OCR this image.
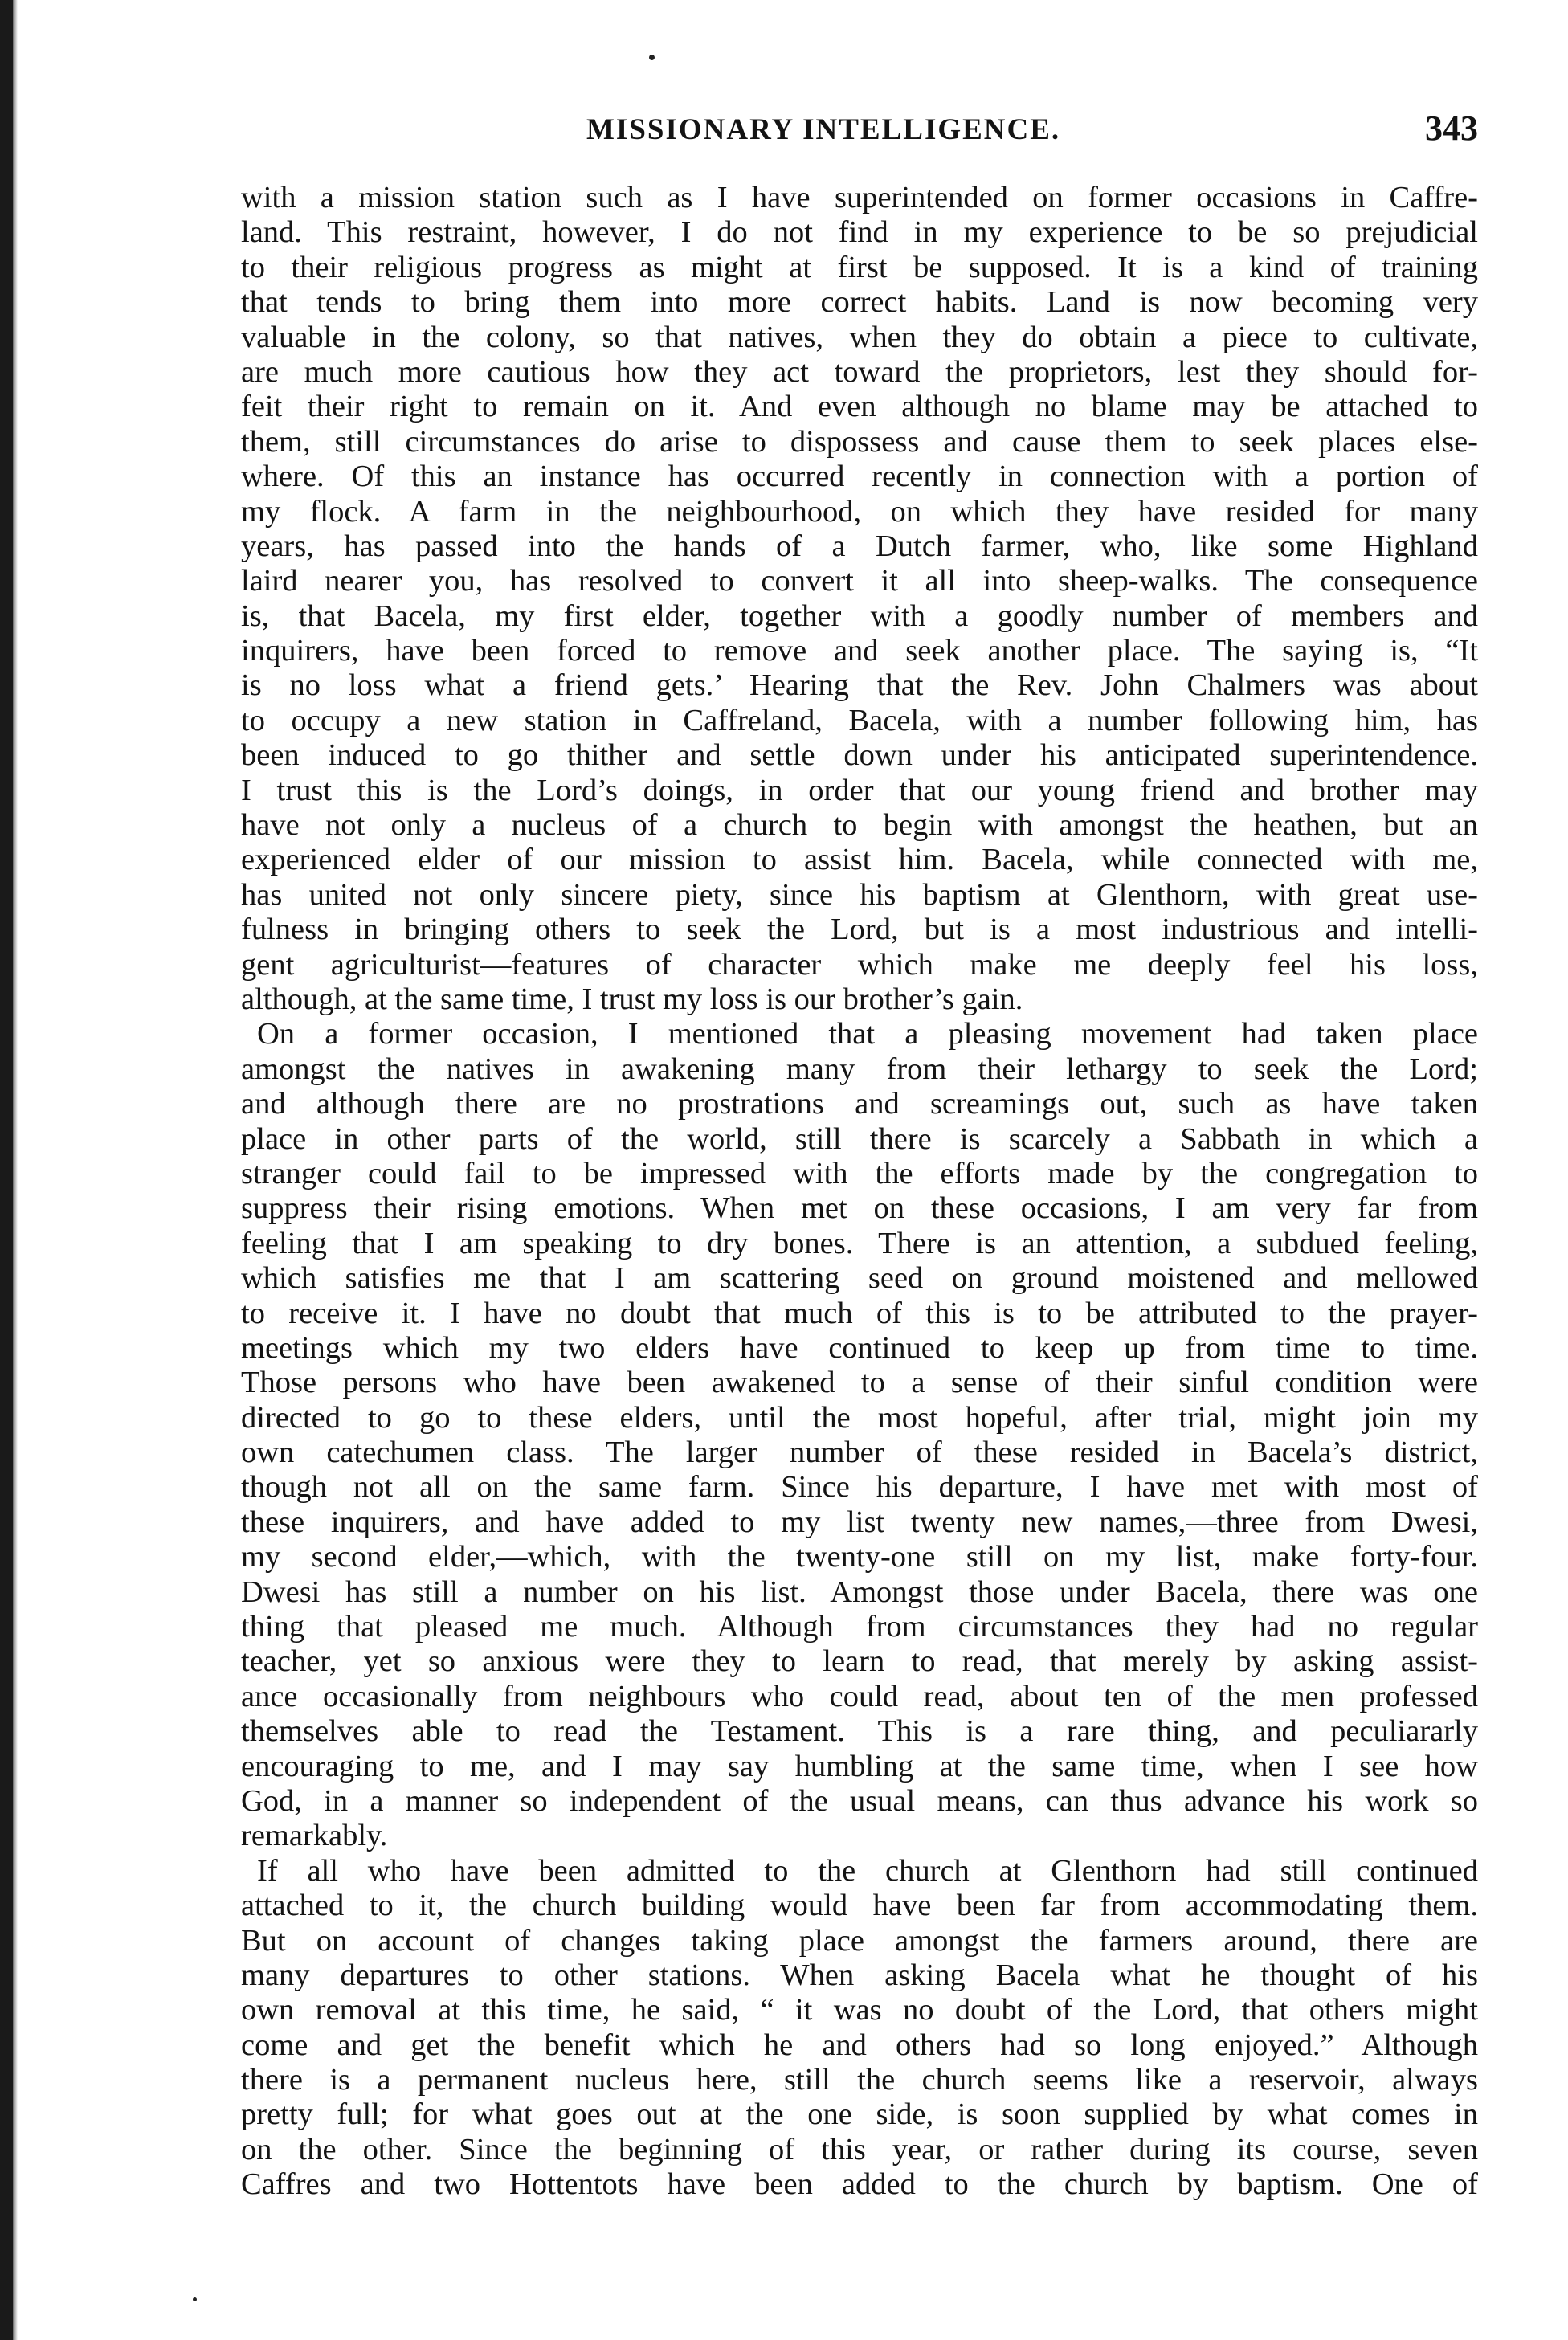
MISSIONARY INTELLIGENCE.	343
with a mission station such as I have superintended on former occasions in Caffre-
land. This restraint, however, I do not find in my experience to be so prejudicial
to their religious progress as might at first be supposed. It is a kind of training
that tends to bring them into more correct habits. Land is now becoming very
valuable in the colony, so that natives, when they do obtain a piece to cultivate,
are much more cautious how they act toward the proprietors, lest they should for-
feit their right to remain on it. And even although no blame may be attached to
them, still circumstances do arise to dispossess and cause them to seek places else-
where. Of this an instance has occurred recently in connection with a portion of
my flock. A farm in the neighbourhood, on which they have resided for many
years, has passed into the hands of a Dutch farmer, who, like some Highland
laird nearer you, has resolved to convert it all into sheep-walks. The consequence
is, that Bacela, my first elder, together with a goodly number of members and
inquirers, have been forced to remove and seek another place. The saying is, “It
is no loss what a friend gets.’ Hearing that the Rev. John Chalmers was about
to occupy a new station in Caffreland, Bacela, with a number following him, has
been induced to go thither and settle down under his anticipated superintendence.
I trust this is the Lord’s doings, in order that our young friend and brother may
have not only a nucleus of a church to begin with amongst the heathen, but an
experienced elder of our mission to assist him. Bacela, while connected with me,
has united not only sincere piety, since his baptism at Glenthorn, with great use-
fulness in bringing others to seek the Lord, but is a most industrious and intelli-
gent agriculturist—features of character which make me deeply feel his loss,
although, at the same time, I trust my loss is our brother’s gain.
On a former occasion, I mentioned that a pleasing movement had taken place
amongst the natives in awakening many from their lethargy to seek the Lord;
and although there are no prostrations and screamings out, such as have taken
place in other parts of the world, still there is scarcely a Sabbath in which a
stranger could fail to be impressed with the efforts made by the congregation to
suppress their rising emotions. When met on these occasions, I am very far from
feeling that I am speaking to dry bones. There is an attention, a subdued feeling,
which satisfies me that I am scattering seed on ground moistened and mellowed
to receive it. I have no doubt that much of this is to be attributed to the prayer-
meetings which my two elders have continued to keep up from time to time.
Those persons who have been awakened to a sense of their sinful condition were
directed to go to these elders, until the most hopeful, after trial, might join my
own catechumen class. The larger number of these resided in Bacela’s district,
though not all on the same farm. Since his departure, I have met with most of
these inquirers, and have added to my list twenty new names,—three from Dwesi,
my second elder,—which, with the twenty-one still on my list, make forty-four.
Dwesi has still a number on his list. Amongst those under Bacela, there was one
thing that pleased me much. Although from circumstances they had no regular
teacher, yet so anxious were they to learn to read, that merely by asking assist-
ance occasionally from neighbours who could read, about ten of the men professed
themselves able to read the Testament. This is a rare thing, and peculiararly
encouraging to me, and I may say humbling at the same time, when I see how
God, in a manner so independent of the usual means, can thus advance his work so
remarkably.
If all who have been admitted to the church at Glenthorn had still continued
attached to it, the church building would have been far from accommodating them.
But on account of changes taking place amongst the farmers around, there are
many departures to other stations. When asking Bacela what he thought of his
own removal at this time, he said, “ it was no doubt of the Lord, that others might
come and get the benefit which he and others had so long enjoyed.” Although
there is a permanent nucleus here, still the church seems like a reservoir, always
pretty full; for what goes out at the one side, is soon supplied by what comes in
on the other. Since the beginning of this year, or rather during its course, seven
Caffres and two Hottentots have been added to the church by baptism. One of
